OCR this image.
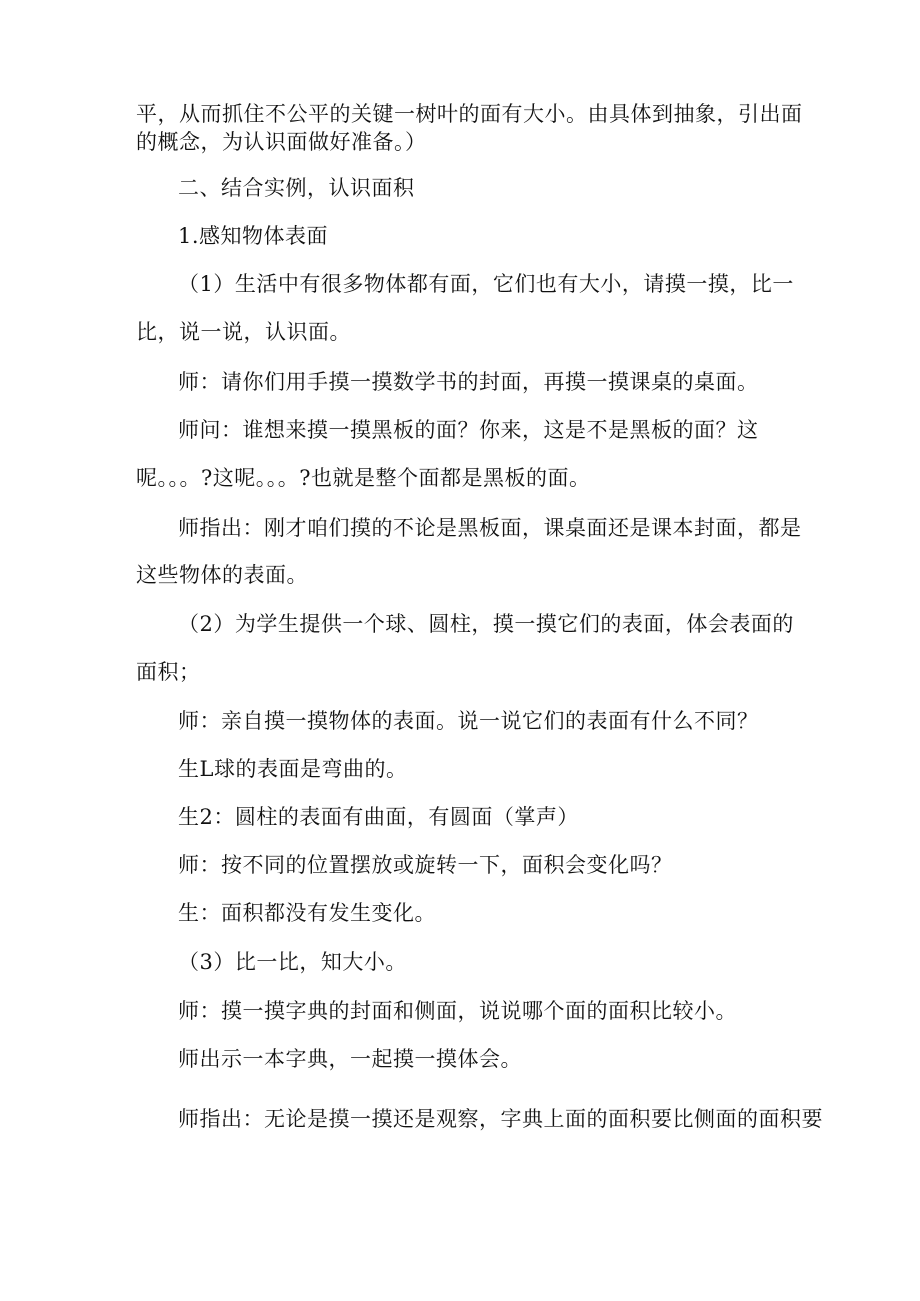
平，从而抓住不公平的关键一树叶的面有大小。由具体到抽象，引出面
的概念，为认识面做好准备。）
二、结合实例，认识面积
1.感知物体表面
（1）生活中有很多物体都有面，它们也有大小，请摸一摸，比一
比，说一说，认识面。
师：请你们用手摸一摸数学书的封面，再摸一摸课桌的桌面。
师问：谁想来摸一摸黑板的面？你来，这是不是黑板的面？这
呢。。。?这呢。。。?也就是整个面都是黑板的面。
师指出：刚才咱们摸的不论是黑板面，课桌面还是课本封面，都是
这些物体的表面。
（2）为学生提供一个球、圆柱，摸一摸它们的表面，体会表面的
面积；
师：亲自摸一摸物体的表面。说一说它们的表面有什么不同？
生L球的表面是弯曲的。
生2：圆柱的表面有曲面，有圆面（掌声）
师：按不同的位置摆放或旋转一下，面积会变化吗？
生：面积都没有发生变化。
（3）比一比，知大小。
师：摸一摸字典的封面和侧面，说说哪个面的面积比较小。
师出示一本字典，一起摸一摸体会。
师指出：无论是摸一摸还是观察，字典上面的面积要比侧面的面积要
